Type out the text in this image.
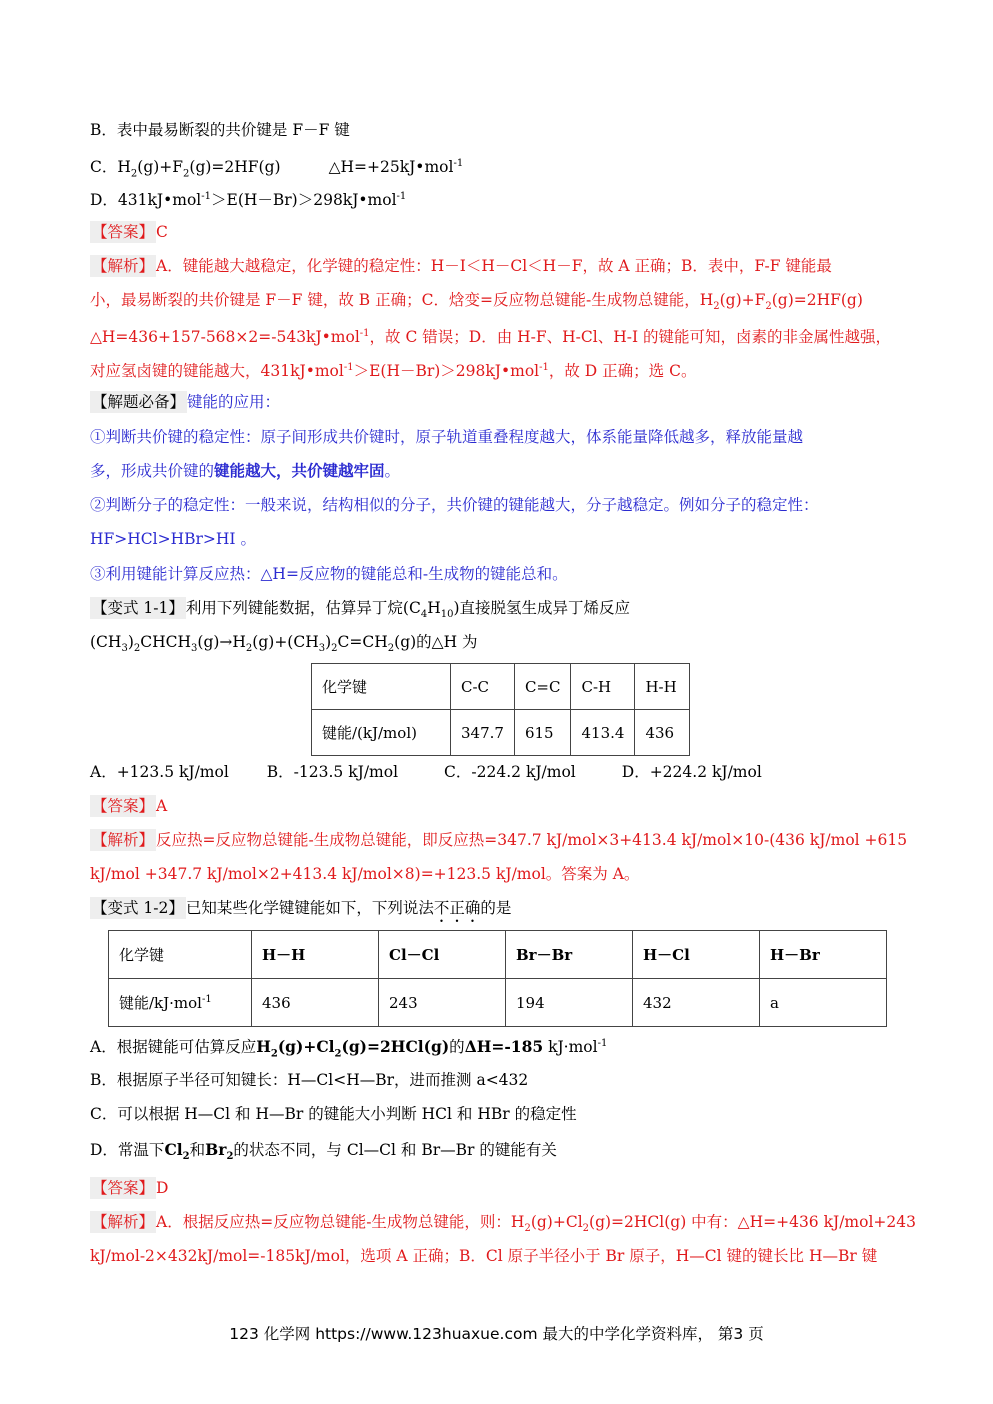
B．表中最易断裂的共价键是 F－F 键
C．$H_2(g)+F_2(g)=2HF(g)$	△H=+25kJ•mol$^{-1}$
D．431kJ•mol$^{-1}$＞E(H－Br)＞298kJ•mol$^{-1}$
【答案】 C
【解析】 A．键能越大越稳定，化学键的稳定性：H－I＜H－Cl＜H－F，故 A 正确；B．表中，F-F 键能最
小，最易断裂的共价键是 F－F 键，故 B 正确；C．焓变=反应物总键能-生成物总键能，$H_2(g)+F_2(g)=2HF(g)$
△H=436+157-568×2=-543kJ•mol$^{-1}$，故 C 错误；D．由 H-F、H-Cl、H-I 的键能可知，卤素的非金属性越强，
对应氢卤键的键能越大，431kJ•mol$^{-1}$＞E(H－Br)＞298kJ•mol$^{-1}$，故 D 正确；选 C。
【解题必备】 键能的应用：
①判断共价键的稳定性：原子间形成共价键时，原子轨道重叠程度越大，体系能量降低越多，释放能量越
多，形成共价键的键能越大，共价键越牢固。
②判断分子的稳定性：一般来说，结构相似的分子，共价键的键能越大，分子越稳定。例如分子的稳定性：
HF>HCl>HBr>HI 。
③利用键能计算反应热：△H=反应物的键能总和-生成物的键能总和。
【变式 1-1】 利用下列键能数据，估算异丁烷$(C_4H_{10})$直接脱氢生成异丁烯反应
$(CH_3)_2CHCH_3(g)\to H_2(g)+(CH_3)_2C=CH_2(g)$的△H 为
化学键	C-C	C=C	C-H	H-H
键能/(kJ/mol)	347.7	615	413.4	436
A．+123.5 kJ/mol B．-123.5 kJ/mol	C．-224.2 kJ/mol	D．+224.2 kJ/mol
【答案】 A
【解析】 反应热=反应物总键能-生成物总键能，即反应热=347.7 kJ/mol×3+413.4 kJ/mol×10-(436 kJ/mol +615
kJ/mol +347.7 kJ/mol×2+413.4 kJ/mol×8)=+123.5 kJ/mol。答案为 A。
【变式 1-2】 已知某些化学键键能如下，下列说法不正确的是
化学键	H－H	Cl－Cl	Br－Br	H－Cl	H－Br
键能/kJ·mol$^{-1}$	436	243	194	432	a
A．根据键能可估算反应$H_2(g)+Cl_2(g)=2HCl(g)$的ΔH=-185 kJ·mol$^{-1}$
B．根据原子半径可知键长：H—Cl<H—Br，进而推测 a<432
C．可以根据 H—Cl 和 H—Br 的键能大小判断 HCl 和 HBr 的稳定性
D．常温下$Cl_2$和$Br_2$的状态不同，与 Cl—Cl 和 Br—Br 的键能有关
【答案】 D
【解析】 A．根据反应热=反应物总键能-生成物总键能，则：$H_2(g)+Cl_2(g)=2HCl(g)$ 中有：△H=+436 kJ/mol+243
kJ/mol-2×432kJ/mol=-185kJ/mol，选项 A 正确；B．Cl 原子半径小于 Br 原子，H—Cl 键的键长比 H—Br 键
123 化学网 https://www.123huaxue.com 最大的中学化学资料库， 第3 页
